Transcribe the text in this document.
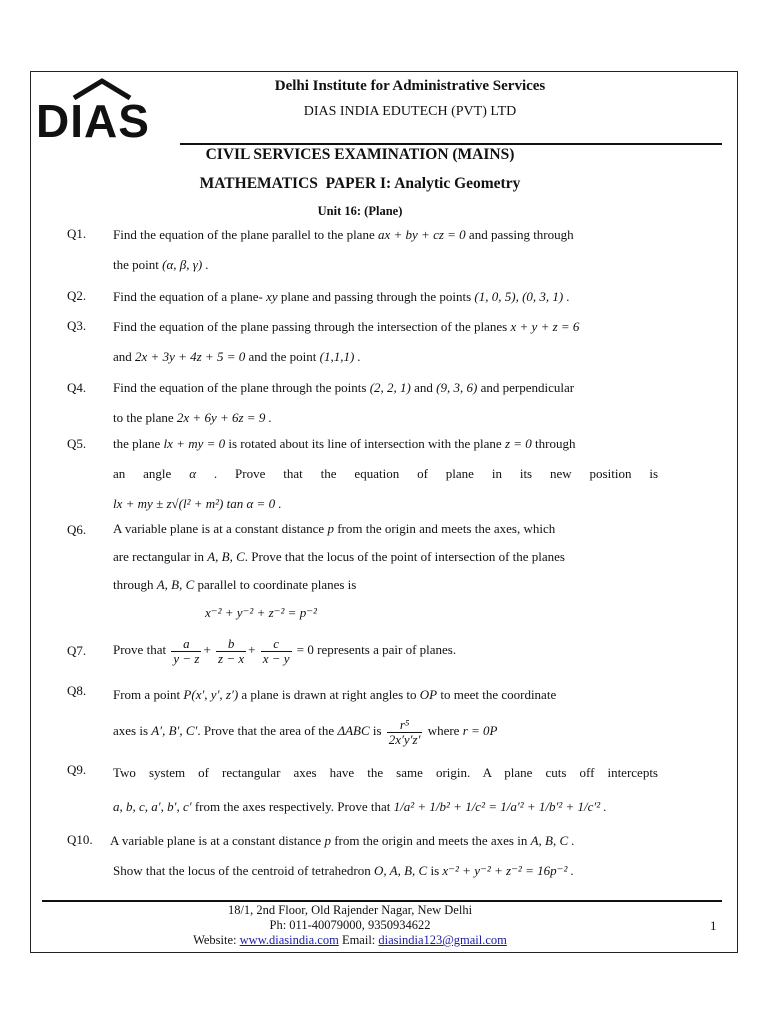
DIAS
Delhi Institute for Administrative Services
DIAS INDIA EDUTECH (PVT) LTD
CIVIL SERVICES EXAMINATION (MAINS)
MATHEMATICS  PAPER I: Analytic Geometry
Unit 16: (Plane)
Q1. Find the equation of the plane parallel to the plane ax + by + cz = 0 and passing through
the point (α, β, γ) .
Q2. Find the equation of a plane- xy plane and passing through the points (1, 0, 5), (0, 3, 1) .
Q3. Find the equation of the plane passing through the intersection of the planes x + y + z = 6
and 2x + 3y + 4z + 5 = 0 and the point (1,1,1) .
Q4. Find the equation of the plane through the points (2, 2, 1) and (9, 3, 6) and perpendicular
to the plane 2x + 6y + 6z = 9 .
Q5. the plane lx + my = 0 is rotated about its line of intersection with the plane z = 0 through
an angle α . Prove that the equation of plane in its new position is
lx + my ± z√(l² + m²) tan α = 0 .
Q6. A variable plane is at a constant distance p from the origin and meets the axes, which
are rectangular in A, B, C. Prove that the locus of the point of intersection of the planes
through A, B, C parallel to coordinate planes is
x⁻² + y⁻² + z⁻² = p⁻²
Q7. Prove that $\frac{a}{y - z} + \frac{b}{z - x} + \frac{c}{x - y} = 0$ represents a pair of planes.
Q8. From a point P(x′, y′, z′) a plane is drawn at right angles to OP to meet the coordinate
axes is A′, B′, C′. Prove that the area of the ΔABC is $\frac{\text{r⁵}}{2x'y'z'}$ where r = 0P
Q9. Two system of rectangular axes have the same origin. A plane cuts off intercepts
a, b, c, a′, b′, c′ from the axes respectively. Prove that 1/a² + 1/b² + 1/c² = 1/a′² + 1/b′² + 1/c′² .
Q10. A variable plane is at a constant distance p from the origin and meets the axes in A, B, C .
Show that the locus of the centroid of tetrahedron O, A, B, C is x⁻² + y⁻² + z⁻² = 16p⁻² .
18/1, 2nd Floor, Old Rajender Nagar, New Delhi
Ph: 011-40079000, 9350934622
Website: www.diasindia.com Email: diasindia123@gmail.com
1
